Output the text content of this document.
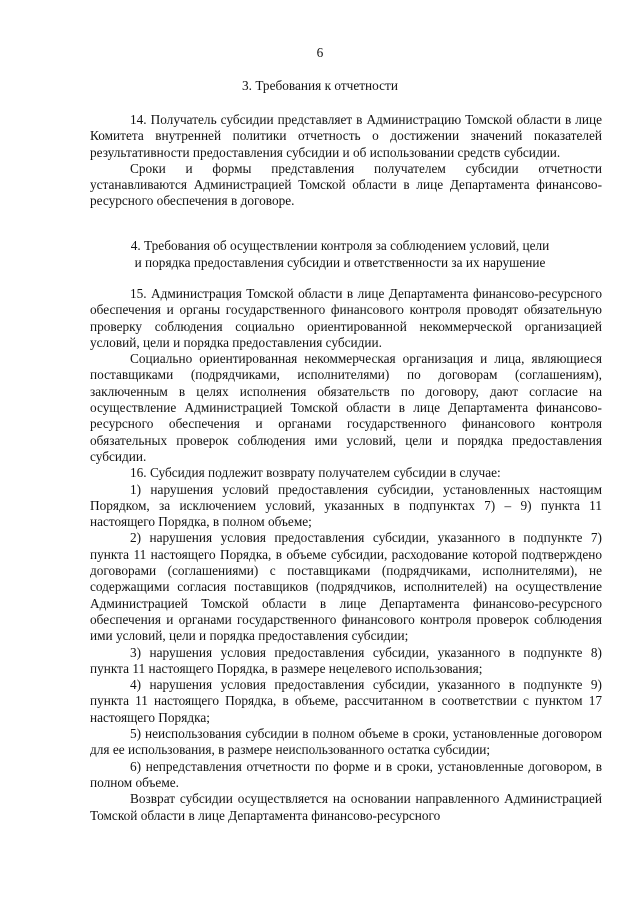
6
3. Требования к отчетности

14. Получатель субсидии представляет в Администрацию Томской области в лице Комитета внутренней политики отчетность о достижении значений показателей результативности предоставления субсидии и об использовании средств субсидии.

Сроки и формы представления получателем субсидии отчетности устанавливаются Администрацией Томской области в лице Департамента финансово-ресурсного обеспечения в договоре.

4. Требования об осуществлении контроля за соблюдением условий, цели
и порядка предоставления субсидии и ответственности за их нарушение

15. Администрация Томской области в лице Департамента финансово-ресурсного обеспечения и органы государственного финансового контроля проводят обязательную проверку соблюдения социально ориентированной некоммерческой организацией условий, цели и порядка предоставления субсидии.

Социально ориентированная некоммерческая организация и лица, являющиеся поставщиками (подрядчиками, исполнителями) по договорам (соглашениям), заключенным в целях исполнения обязательств по договору, дают согласие на осуществление Администрацией Томской области в лице Департамента финансово-ресурсного обеспечения и органами государственного финансового контроля обязательных проверок соблюдения ими условий, цели и порядка предоставления субсидии.

16. Субсидия подлежит возврату получателем субсидии в случае:

1) нарушения условий предоставления субсидии, установленных настоящим Порядком, за исключением условий, указанных в подпунктах 7) – 9) пункта 11 настоящего Порядка, в полном объеме;

2) нарушения условия предоставления субсидии, указанного в подпункте 7) пункта 11 настоящего Порядка, в объеме субсидии, расходование которой подтверждено договорами (соглашениями) с поставщиками (подрядчиками, исполнителями), не содержащими согласия поставщиков (подрядчиков, исполнителей) на осуществление Администрацией Томской области в лице Департамента финансово-ресурсного обеспечения и органами государственного финансового контроля проверок соблюдения ими условий, цели и порядка предоставления субсидии;

3) нарушения условия предоставления субсидии, указанного в подпункте 8) пункта 11 настоящего Порядка, в размере нецелевого использования;

4) нарушения условия предоставления субсидии, указанного в подпункте 9) пункта 11 настоящего Порядка, в объеме, рассчитанном в соответствии с пунктом 17 настоящего Порядка;

5) неиспользования субсидии в полном объеме в сроки, установленные договором для ее использования, в размере неиспользованного остатка субсидии;

6) непредставления отчетности по форме и в сроки, установленные договором, в полном объеме.

Возврат субсидии осуществляется на основании направленного Администрацией Томской области в лице Департамента финансово-ресурсного
